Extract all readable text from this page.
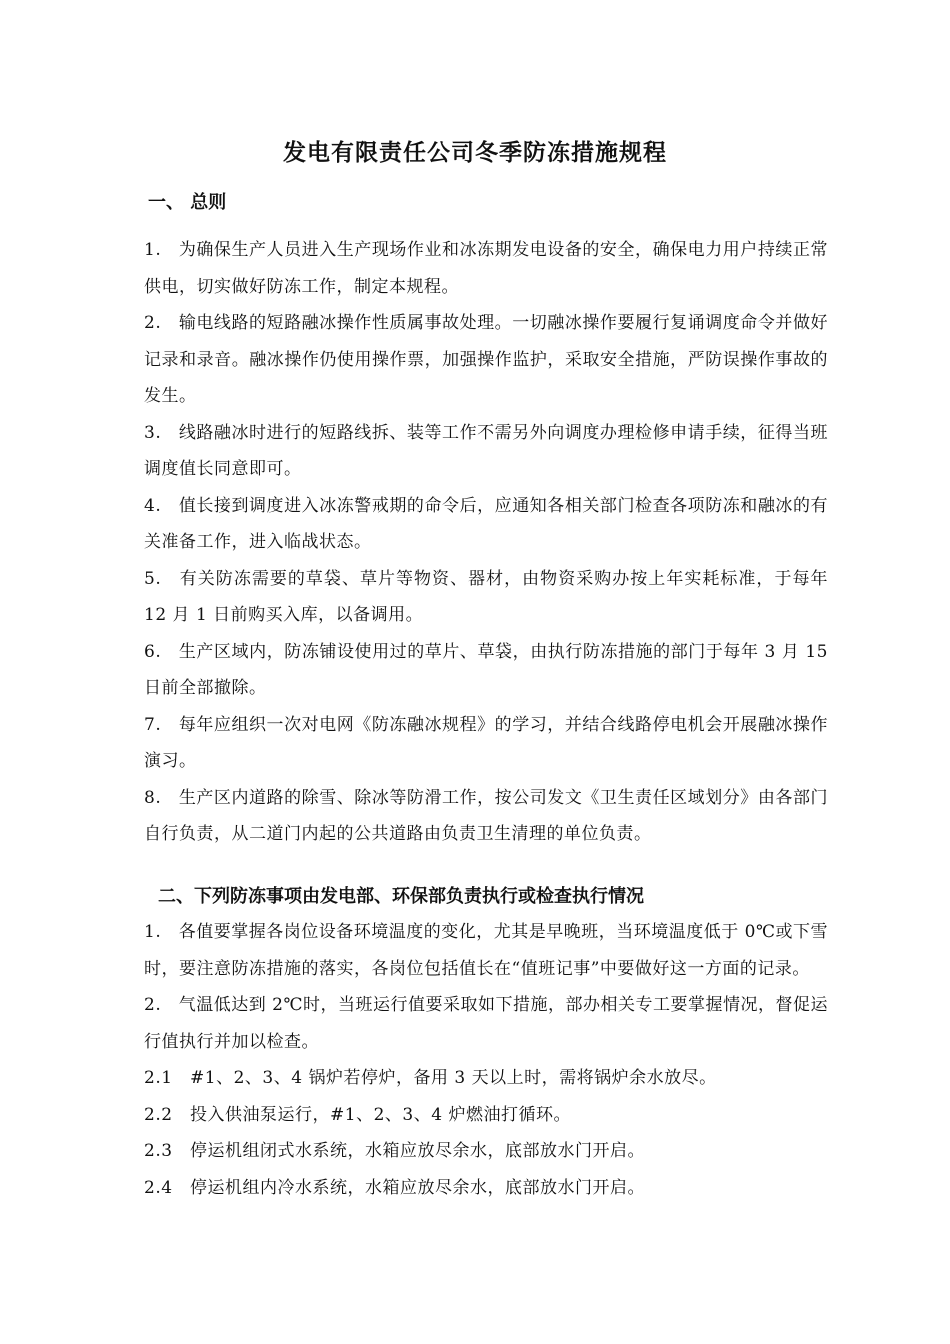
发电有限责任公司冬季防冻措施规程
一、 总则

1.　为确保生产人员进入生产现场作业和冰冻期发电设备的安全，确保电力用户持续正常供电，切实做好防冻工作，制定本规程。

2.　输电线路的短路融冰操作性质属事故处理。一切融冰操作要履行复诵调度命令并做好记录和录音。融冰操作仍使用操作票，加强操作监护，采取安全措施，严防误操作事故的发生。

3.　线路融冰时进行的短路线拆、装等工作不需另外向调度办理检修申请手续，征得当班调度值长同意即可。

4.　值长接到调度进入冰冻警戒期的命令后，应通知各相关部门检查各项防冻和融冰的有关准备工作，进入临战状态。

5.　有关防冻需要的草袋、草片等物资、器材，由物资采购办按上年实耗标准，于每年 12 月 1 日前购买入库，以备调用。

6.　生产区域内，防冻铺设使用过的草片、草袋，由执行防冻措施的部门于每年 3 月 15 日前全部撤除。

7.　每年应组织一次对电网《防冻融冰规程》的学习，并结合线路停电机会开展融冰操作演习。

8.　生产区内道路的除雪、除冰等防滑工作，按公司发文《卫生责任区域划分》由各部门自行负责，从二道门内起的公共道路由负责卫生清理的单位负责。

二、下列防冻事项由发电部、环保部负责执行或检查执行情况

1.　各值要掌握各岗位设备环境温度的变化，尤其是早晚班，当环境温度低于 0℃或下雪时，要注意防冻措施的落实，各岗位包括值长在“值班记事”中要做好这一方面的记录。

2.　气温低达到 2℃时，当班运行值要采取如下措施，部办相关专工要掌握情况，督促运行值执行并加以检查。

2.1　#1、2、3、4 锅炉若停炉，备用 3 天以上时，需将锅炉余水放尽。

2.2　投入供油泵运行，#1、2、3、4 炉燃油打循环。

2.3　停运机组闭式水系统，水箱应放尽余水，底部放水门开启。

2.4　停运机组内冷水系统，水箱应放尽余水，底部放水门开启。
